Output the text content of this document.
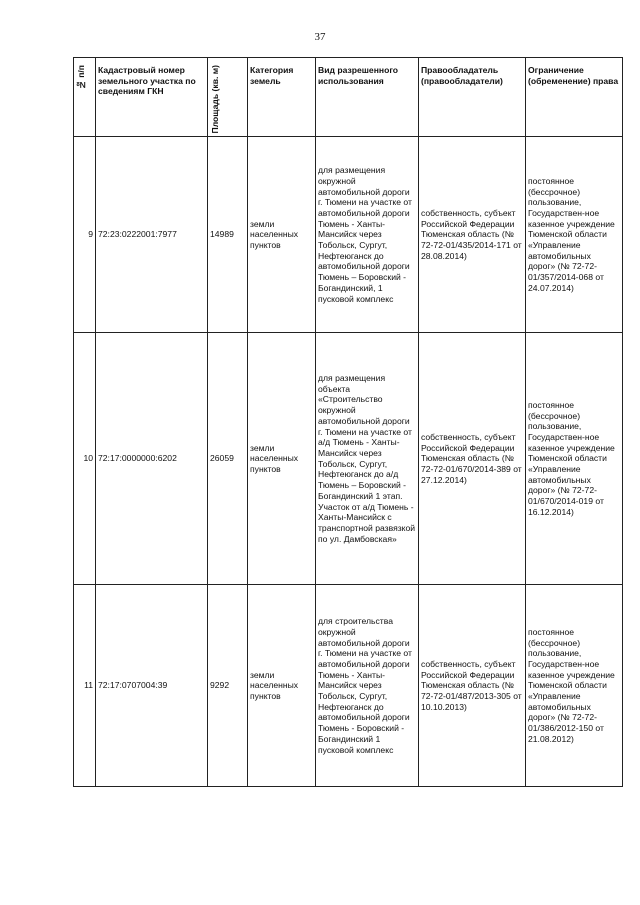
37
№ п/п	Кадастровый номер земельного участка по сведениям ГКН	Площадь (кв. м)	Категория земель	Вид разрешенного использования	Правообладатель (правообладатели)	Ограничение (обременение) права
9	72:23:0222001:7977	14989	земли населенных пунктов	для размещения окружной автомобильной дороги г. Тюмени на участке от автомобильной дороги Тюмень - Ханты-Мансийск через Тобольск, Сургут, Нефтеюганск до автомобильной дороги Тюмень – Боровский - Богандинский, 1 пусковой комплекс	собственность, субъект Российской Федерации Тюменская область (№ 72-72-01/435/2014-171 от 28.08.2014)	постоянное (бессрочное) пользование, Государствен-ное казенное учреждение Тюменской области «Управление автомобильных дорог» (№ 72-72-01/357/2014-068 от 24.07.2014)
10	72:17:0000000:6202	26059	земли населенных пунктов	для размещения объекта «Строительство окружной автомобильной дороги г. Тюмени на участке от а/д Тюмень - Ханты-Мансийск через Тобольск, Сургут, Нефтеюганск до а/д Тюмень – Боровский - Богандинский 1 этап. Участок от а/д Тюмень - Ханты-Мансийск с транспортной развязкой по ул. Дамбовская»	собственность, субъект Российской Федерации Тюменская область (№ 72-72-01/670/2014-389 от 27.12.2014)	постоянное (бессрочное) пользование, Государствен-ное казенное учреждение Тюменской области «Управление автомобильных дорог» (№ 72-72-01/670/2014-019 от 16.12.2014)
11	72:17:0707004:39	9292	земли населенных пунктов	для строительства окружной автомобильной дороги г. Тюмени на участке от автомобильной дороги Тюмень - Ханты-Мансийск через Тобольск, Сургут, Нефтеюганск до автомобильной дороги Тюмень - Боровский - Богандинский 1 пусковой комплекс	собственность, субъект Российской Федерации Тюменская область (№ 72-72-01/487/2013-305 от 10.10.2013)	постоянное (бессрочное) пользование, Государствен-ное казенное учреждение Тюменской области «Управление автомобильных дорог» (№ 72-72-01/386/2012-150 от 21.08.2012)
